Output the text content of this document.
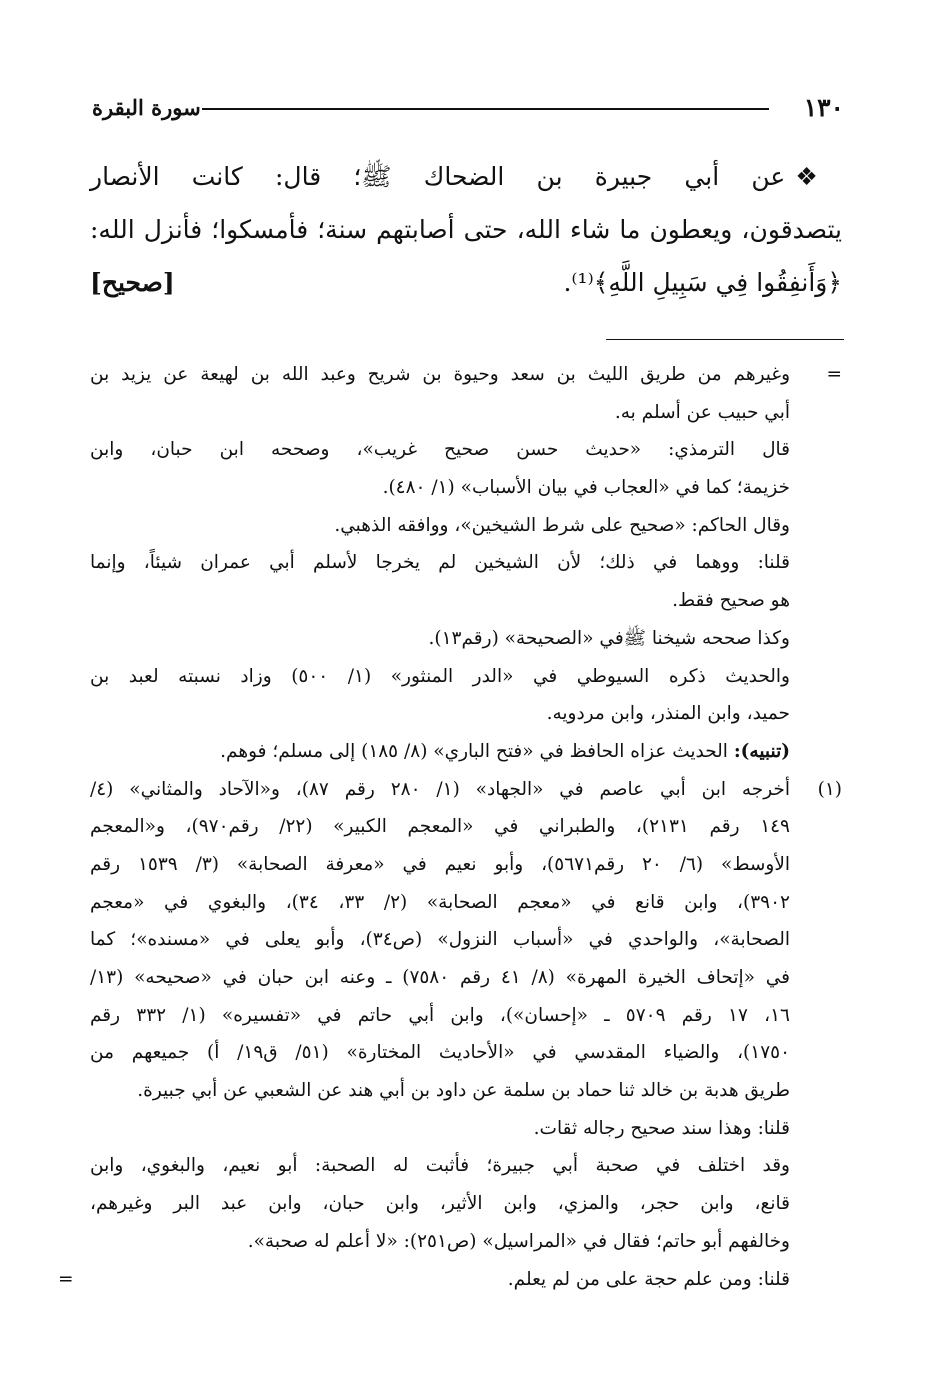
١٣٠
سورة البقرة
❖عن أبي جبيرة بن الضحاك ﷺ؛ قال: كانت الأنصار
يتصدقون، ويعطون ما شاء الله، حتى أصابتهم سنة؛ فأمسكوا؛ فأنزل الله:
﴿وَأَنفِقُوا فِي سَبِيلِ اللَّهِ﴾⁽¹⁾.
[صحيح]
=
وغيرهم من طريق الليث بن سعد وحيوة بن شريح وعبد الله بن لهيعة عن يزيد بن
أبي حبيب عن أسلم به.
قال الترمذي: «حديث حسن صحيح غريب»، وصححه ابن حبان، وابن
خزيمة؛ كما في «العجاب في بيان الأسباب» (١/ ٤٨٠).
وقال الحاكم: «صحيح على شرط الشيخين»، ووافقه الذهبي.
قلنا: ووهما في ذلك؛ لأن الشيخين لم يخرجا لأسلم أبي عمران شيئاً، وإنما
هو صحيح فقط.
وكذا صححه شيخنا ﷺفي «الصحيحة» (رقم١٣).
والحديث ذكره السيوطي في «الدر المنثور» (١/ ٥٠٠) وزاد نسبته لعبد بن
حميد، وابن المنذر، وابن مردويه.
(تنبيه): الحديث عزاه الحافظ في «فتح الباري» (٨/ ١٨٥) إلى مسلم؛ فوهم.
(١)
أخرجه ابن أبي عاصم في «الجهاد» (١/ ٢٨٠ رقم ٨٧)، و«الآحاد والمثاني» (٤/
١٤٩ رقم ٢١٣١)، والطبراني في «المعجم الكبير» (٢٢/ رقم٩٧٠)، و«المعجم
الأوسط» (٦/ ٢٠ رقم٥٦٧١)، وأبو نعيم في «معرفة الصحابة» (٣/ ١٥٣٩ رقم
٣٩٠٢)، وابن قانع في «معجم الصحابة» (٢/ ٣٣، ٣٤)، والبغوي في «معجم
الصحابة»، والواحدي في «أسباب النزول» (ص٣٤)، وأبو يعلى في «مسنده»؛ كما
في «إتحاف الخيرة المهرة» (٨/ ٤١ رقم ٧٥٨٠) ـ وعنه ابن حبان في «صحيحه» (١٣/
١٦، ١٧ رقم ٥٧٠٩ ـ «إحسان»)، وابن أبي حاتم في «تفسيره» (١/ ٣٣٢ رقم
١٧٥٠)، والضياء المقدسي في «الأحاديث المختارة» (٥١/ ق١٩/ أ) جميعهم من
طريق هدبة بن خالد ثنا حماد بن سلمة عن داود بن أبي هند عن الشعبي عن أبي جبيرة.
قلنا: وهذا سند صحيح رجاله ثقات.
وقد اختلف في صحبة أبي جبيرة؛ فأثبت له الصحبة: أبو نعيم، والبغوي، وابن
قانع، وابن حجر، والمزي، وابن الأثير، وابن حبان، وابن عبد البر وغيرهم،
وخالفهم أبو حاتم؛ فقال في «المراسيل» (ص٢٥١): «لا أعلم له صحبة».
قلنا: ومن علم حجة على من لم يعلم.
=
